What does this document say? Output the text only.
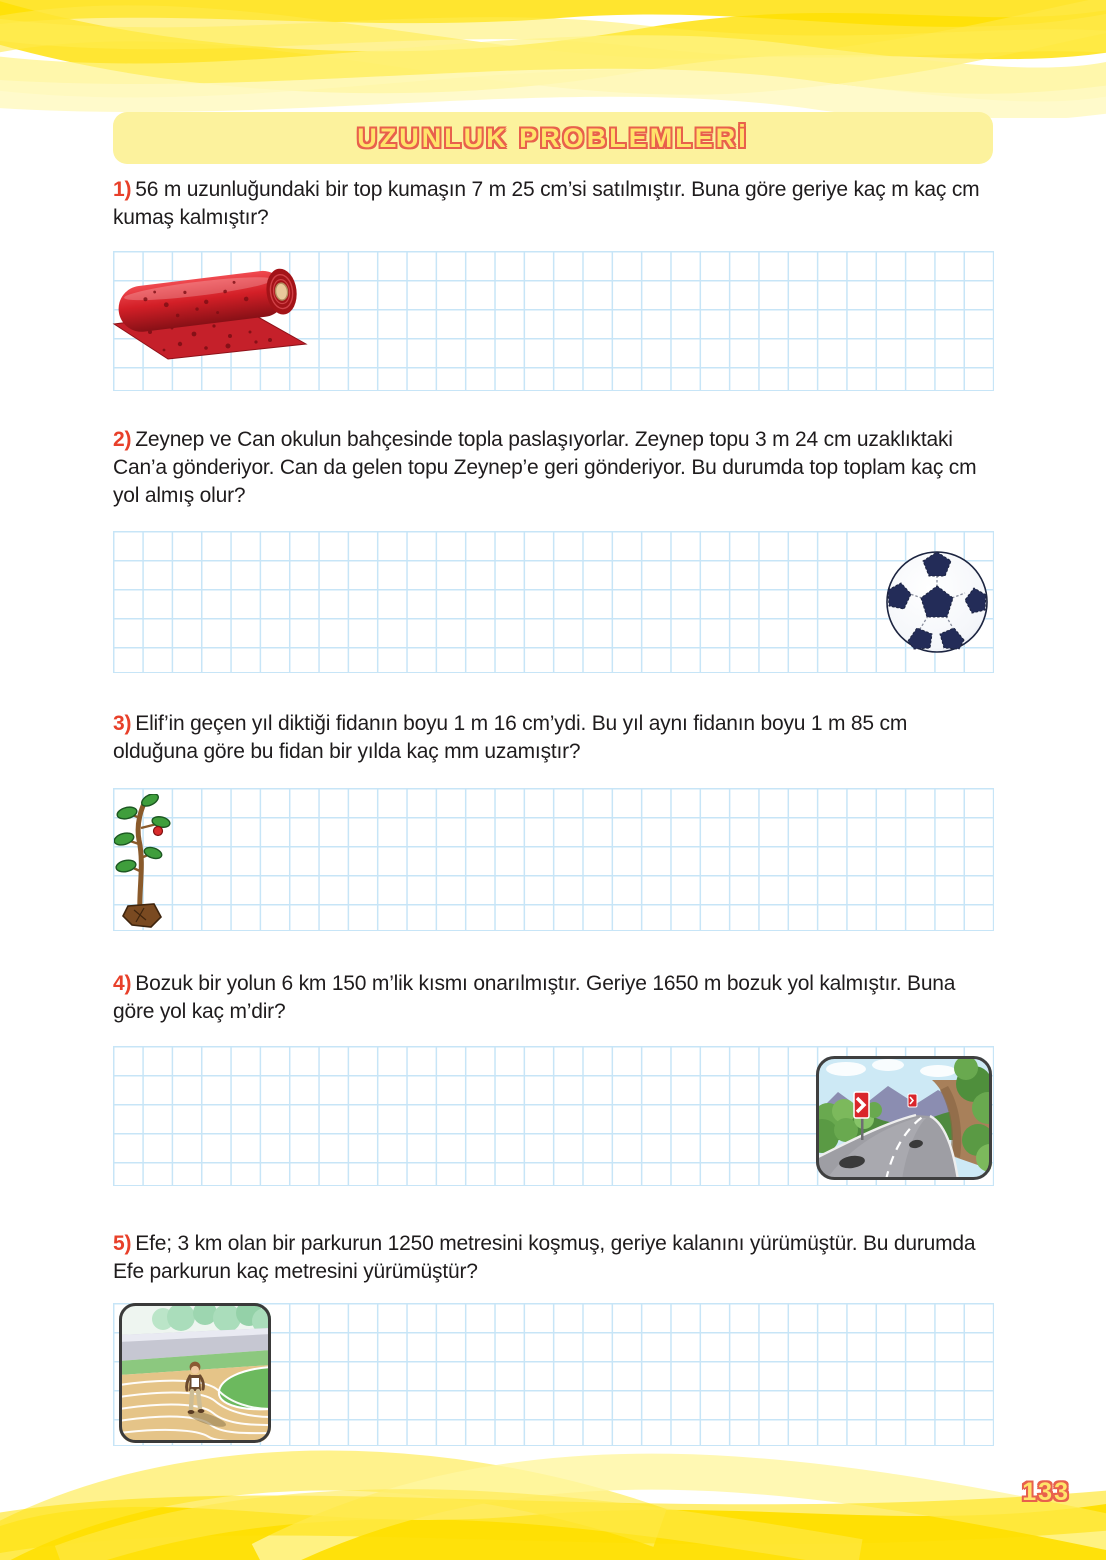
UZUNLUK PROBLEMLERİ
1) 56 m uzunluğundaki bir top kumaşın 7 m 25 cm’si satılmıştır. Buna göre geriye kaç m kaç cm kumaş kalmıştır?
2) Zeynep ve Can okulun bahçesinde topla paslaşıyorlar. Zeynep topu 3 m 24 cm uzaklıktaki Can’a gönderiyor. Can da gelen topu Zeynep’e geri gönderiyor. Bu durumda top toplam kaç cm yol almış olur?
3) Elif’in geçen yıl diktiği fidanın boyu 1 m 16 cm’ydi. Bu yıl aynı fidanın boyu 1 m 85 cm olduğuna göre bu fidan bir yılda kaç mm uzamıştır?
4) Bozuk bir yolun 6 km 150 m’lik kısmı onarılmıştır. Geriye 1650 m bozuk yol kalmıştır. Buna göre yol kaç m’dir?
5) Efe; 3 km olan bir parkurun 1250 metresini koşmuş, geriye kalanını yürümüştür. Bu durumda Efe parkurun kaç metresini yürümüştür?
133
